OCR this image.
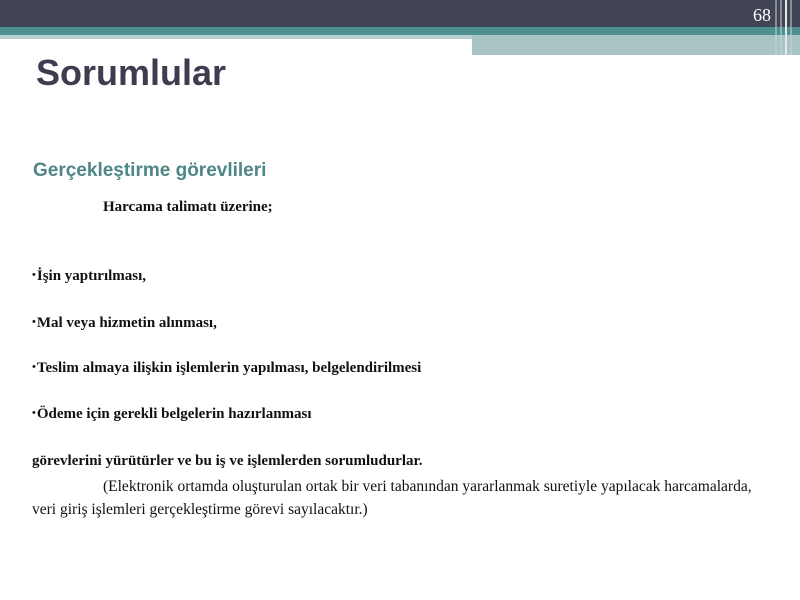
68
Sorumlular
Gerçekleştirme görevlileri

Harcama talimatı üzerine;

•İşin yaptırılması,

•Mal veya hizmetin alınması,

•Teslim almaya ilişkin işlemlerin yapılması, belgelendirilmesi

•Ödeme için gerekli belgelerin hazırlanması

görevlerini yürütürler ve bu iş ve işlemlerden sorumludurlar.

(Elektronik ortamda oluşturulan ortak bir veri tabanından yararlanmak suretiyle yapılacak harcamalarda, veri giriş işlemleri gerçekleştirme görevi sayılacaktır.)
